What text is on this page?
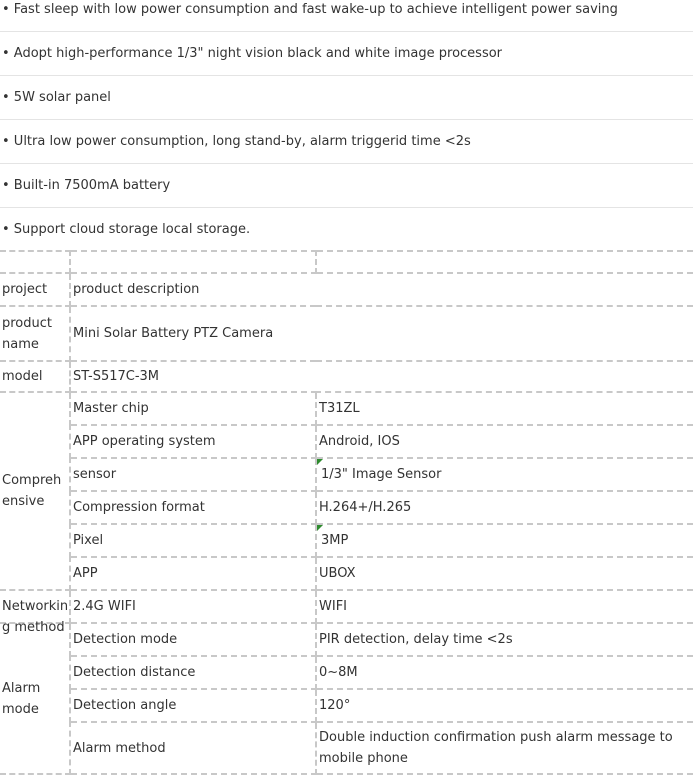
• Fast sleep with low power consumption and fast wake-up to achieve intelligent power saving
• Adopt high-performance 1/3" night vision black and white image processor
• 5W solar panel
• Ultra low power consumption, long stand-by, alarm triggerid time <2s
• Built-in 7500mA battery
• Support cloud storage local storage.

project	product description	
product name	Mini Solar Battery PTZ Camera	
model	ST-S517C-3M	
Comprehensive	Master chip	T31ZL
	APP operating system	Android, IOS
	sensor	1/3" Image Sensor
	Compression format	H.264+/H.265
	Pixel	3MP
	APP	UBOX

Networking method	2.4G WIFI	WIFI
Alarm mode	Detection mode	PIR detection, delay time <2s
	Detection distance	0~8M
	Detection angle	120°
	Alarm method	Double induction confirmation push alarm message to mobile phone
